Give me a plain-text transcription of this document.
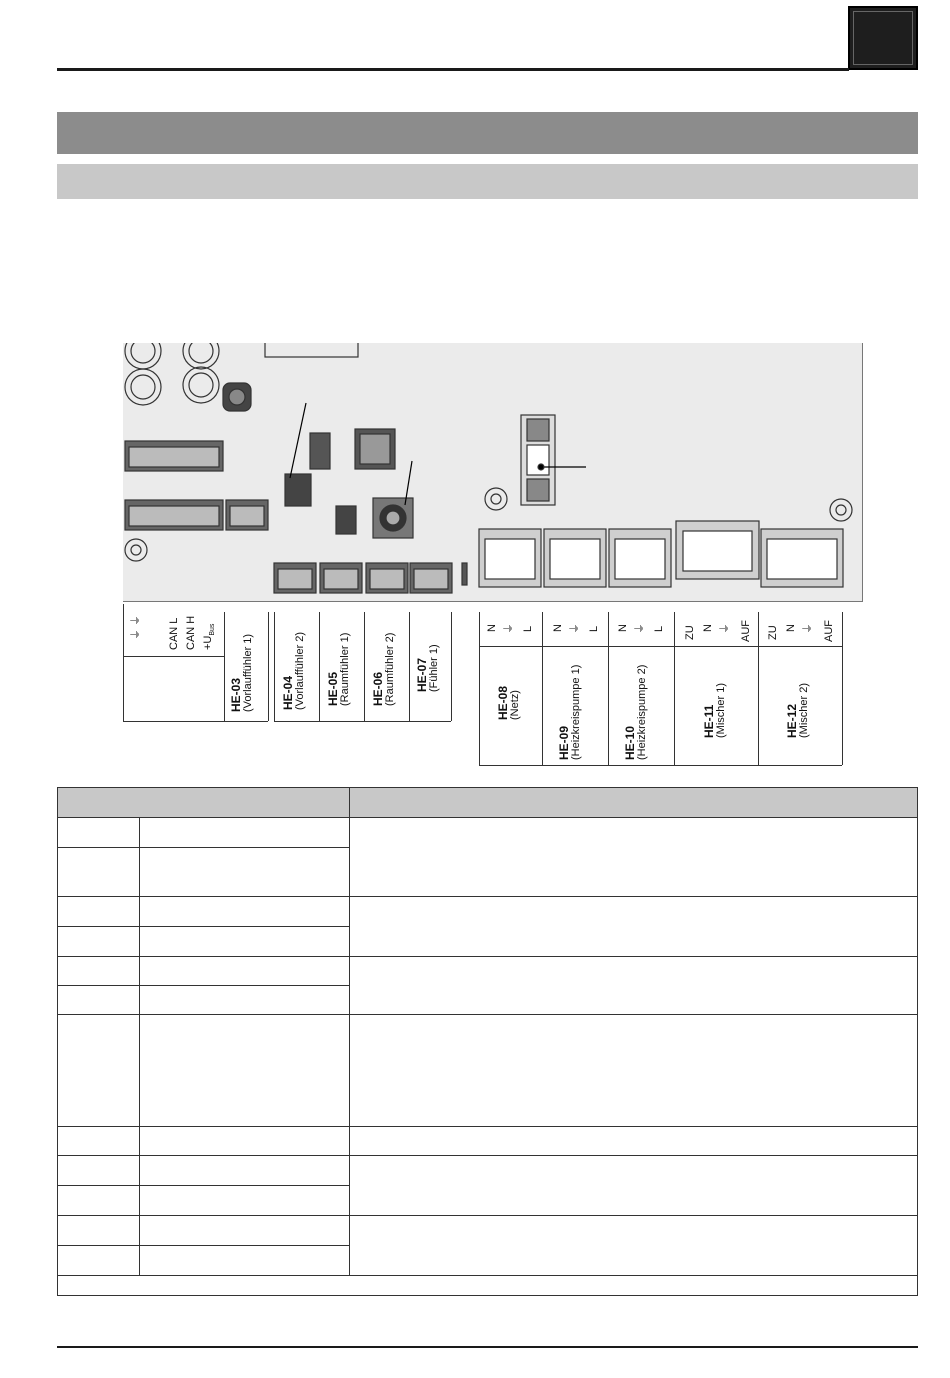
⏚ ⏚ CAN L CAN $H +U_{Bus}$
HE-03 (Vorlauffühler 1) HE-04 (Vorlauffühler 2) HE-05 (Raumfühler 1) HE-06 (Raumfühler 2) HE-07 (Fühler 1)
N ⏚ L
HE-08 (Netz)
N ⏚ L
HE-09 (Heizkreispumpe 1)
N ⏚ L
HE-10 (Heizkreispumpe 2)
ZU N ⏚ AUF
HE-11 (Mischer 1)
ZU N ⏚ AUF
HE-12 (Mischer 2)
